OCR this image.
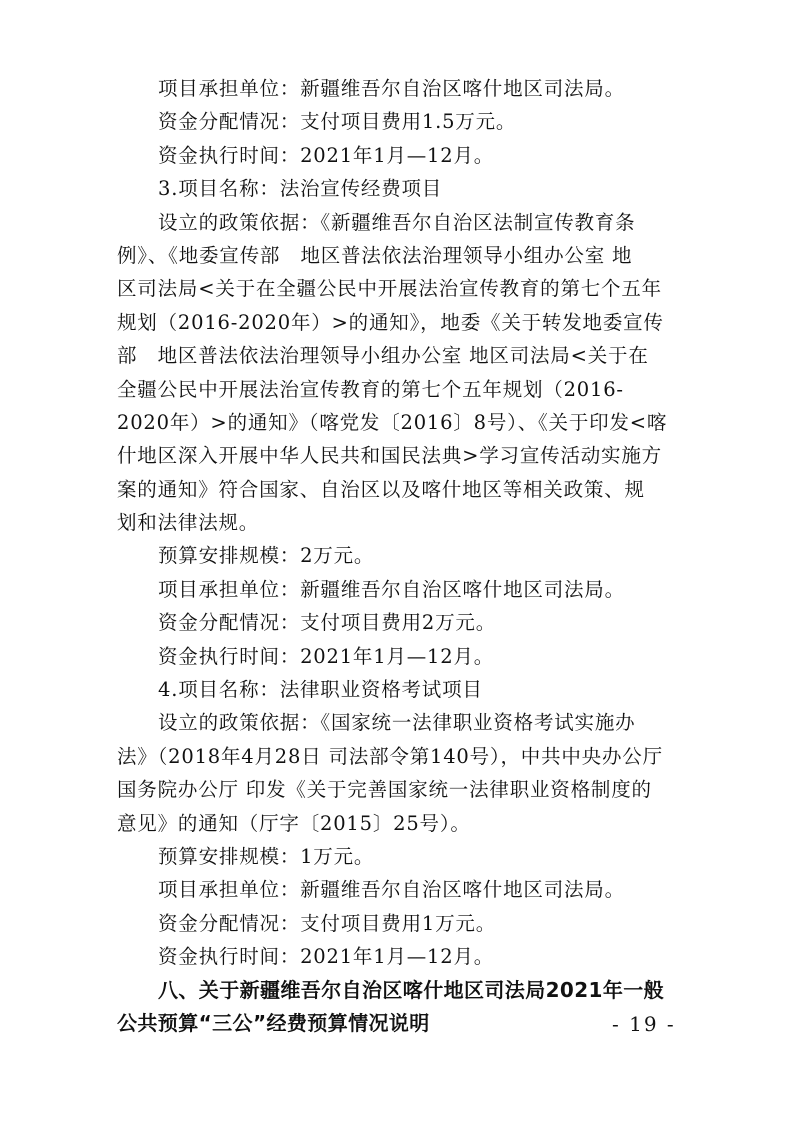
项目承担单位：新疆维吾尔自治区喀什地区司法局。
资金分配情况：支付项目费用1.5万元。
资金执行时间：2021年1月—12月。
3.项目名称：法治宣传经费项目
设立的政策依据：《新疆维吾尔自治区法制宣传教育条
例》、《地委宣传部　地区普法依法治理领导小组办公室 地
区司法局<关于在全疆公民中开展法治宣传教育的第七个五年
规划（2016-2020年）>的通知》，地委《关于转发地委宣传
部　地区普法依法治理领导小组办公室 地区司法局<关于在
全疆公民中开展法治宣传教育的第七个五年规划（2016-
2020年）>的通知》（喀党发〔2016〕8号）、《关于印发<喀
什地区深入开展中华人民共和国民法典>学习宣传活动实施方
案的通知》符合国家、自治区以及喀什地区等相关政策、规
划和法律法规。
预算安排规模：2万元。
项目承担单位：新疆维吾尔自治区喀什地区司法局。
资金分配情况：支付项目费用2万元。
资金执行时间：2021年1月—12月。
4.项目名称：法律职业资格考试项目
设立的政策依据：《国家统一法律职业资格考试实施办
法》（2018年4月28日 司法部令第140号），中共中央办公厅
国务院办公厅 印发《关于完善国家统一法律职业资格制度的
意见》的通知（厅字〔2015〕25号）。
预算安排规模：1万元。
项目承担单位：新疆维吾尔自治区喀什地区司法局。
资金分配情况：支付项目费用1万元。
资金执行时间：2021年1月—12月。
八、关于新疆维吾尔自治区喀什地区司法局2021年一般
公共预算“三公”经费预算情况说明	- 19 -
